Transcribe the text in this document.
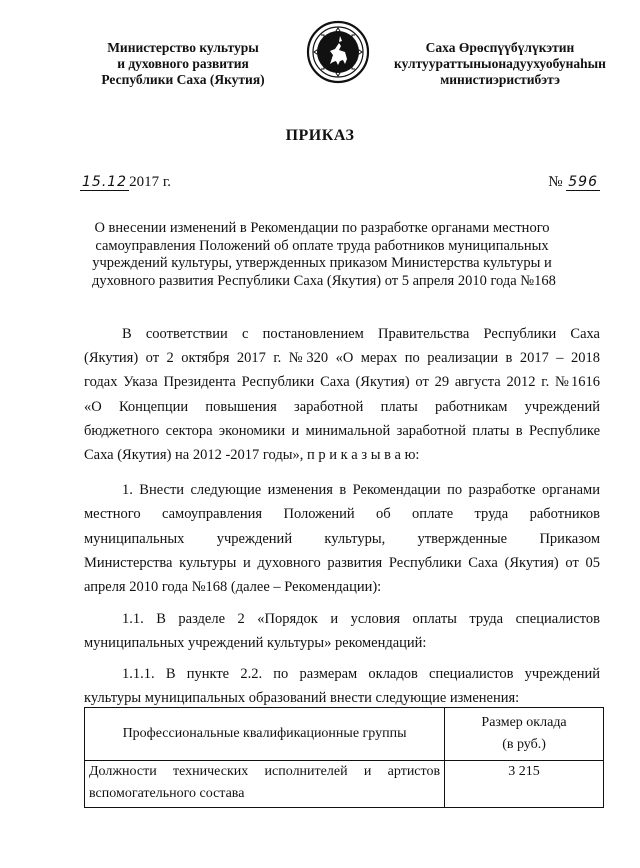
Министерство культуры
и духовного развития
Республики Саха (Якутия)
Саха Өрөспүүбүлүкэтин
култуураттыныонадуухуобунаһын
министиэристибэтэ
ПРИКАЗ
15.12 2017 г.	№ 596
О внесении изменений в Рекомендации по разработке органами местного
самоуправления Положений об оплате труда работников муниципальных
учреждений культуры, утвержденных приказом Министерства культуры и
духовного развития Республики Саха (Якутия) от 5 апреля 2010 года №168
В соответствии с постановлением Правительства Республики Саха
(Якутия) от 2 октября 2017 г. №320 «О мерах по реализации в 2017 – 2018
годах Указа Президента Республики Саха (Якутия) от 29 августа 2012 г. №1616
«О Концепции повышения заработной платы работникам учреждений
бюджетного сектора экономики и минимальной заработной платы в Республике
Саха (Якутия) на 2012 -2017 годы», п р и к а з ы в а ю:
1. Внести следующие изменения в Рекомендации по разработке органами
местного самоуправления Положений об оплате труда работников
муниципальных учреждений культуры, утвержденные Приказом
Министерства культуры и духовного развития Республики Саха (Якутия) от 05
апреля 2010 года №168 (далее – Рекомендации):
1.1. В разделе 2 «Порядок и условия оплаты труда специалистов
муниципальных учреждений культуры» рекомендаций:
1.1.1. В пункте 2.2. по размерам окладов специалистов учреждений
культуры муниципальных образований внести следующие изменения:
Профессиональные квалификационные группы	Размер оклада
(в руб.)

Должности технических исполнителей и артистов
вспомогательного состава	3 215
